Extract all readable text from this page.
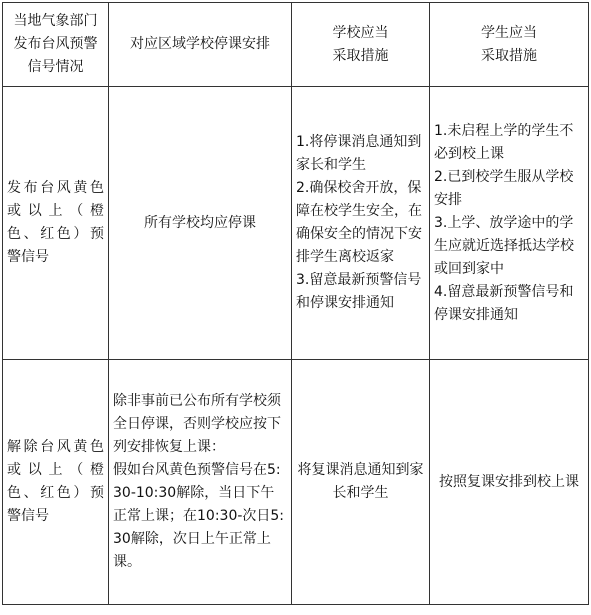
当地气象部门发布台风预警信号情况	对应区域学校停课安排	学校应当
采取措施	学生应当
采取措施
发布台风黄色或以上（橙色、红色）预警信号	所有学校均应停课	1.将停课消息通知到家长和学生
2.确保校舍开放，保障在校学生安全，在确保安全的情况下安排学生离校返家
3.留意最新预警信号和停课安排通知	1.未启程上学的学生不必到校上课
2.已到校学生服从学校安排
3.上学、放学途中的学生应就近选择抵达学校或回到家中
4.留意最新预警信号和停课安排通知
解除台风黄色或以上（橙色、红色）预警信号	除非事前已公布所有学校须全日停课，否则学校应按下列安排恢复上课：
假如台风黄色预警信号在5:30-10:30解除，当日下午正常上课；在10:30-次日5:30解除，次日上午正常上课。	将复课消息通知到家长和学生	按照复课安排到校上课
